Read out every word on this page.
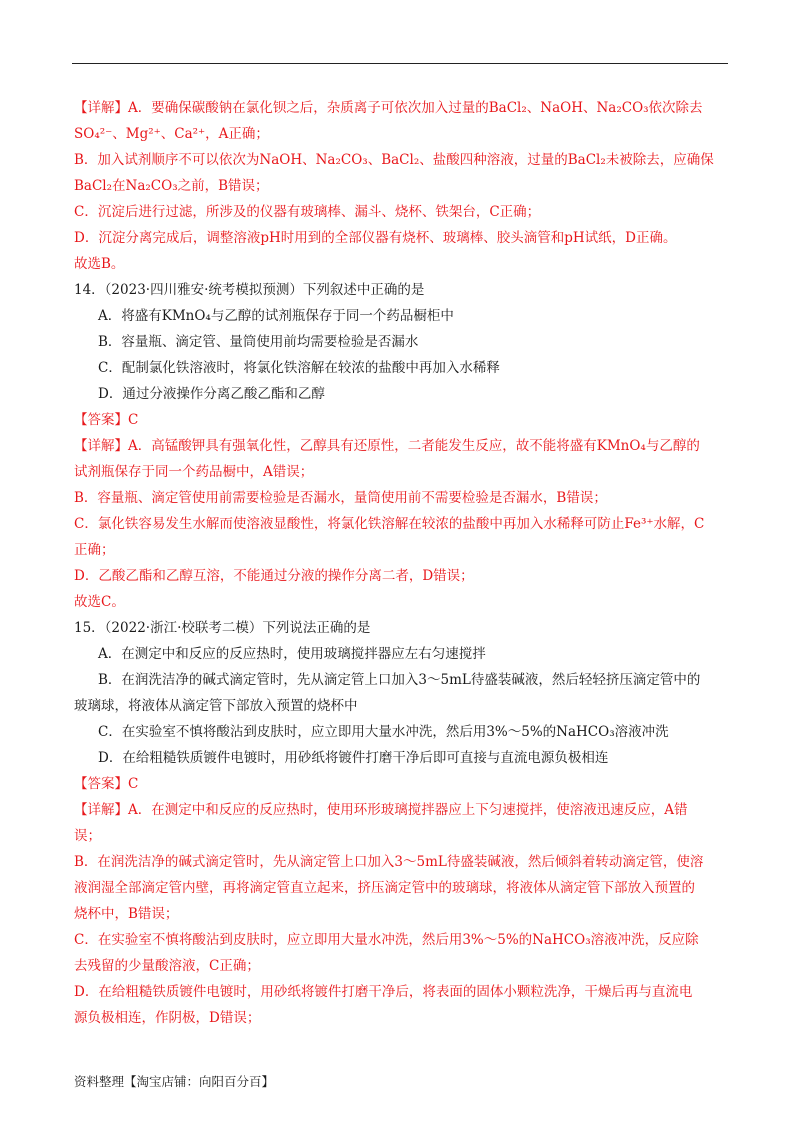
【详解】A．要确保碳酸钠在氯化钡之后，杂质离子可依次加入过量的BaCl₂、NaOH、Na₂CO₃依次除去
SO₄²⁻、Mg²⁺、Ca²⁺，A正确；
B．加入试剂顺序不可以依次为NaOH、Na₂CO₃、BaCl₂、盐酸四种溶液，过量的BaCl₂未被除去，应确保
BaCl₂在Na₂CO₃之前，B错误；
C．沉淀后进行过滤，所涉及的仪器有玻璃棒、漏斗、烧杯、铁架台，C正确；
D．沉淀分离完成后，调整溶液pH时用到的全部仪器有烧杯、玻璃棒、胶头滴管和pH试纸，D正确。
故选B。
14．（2023·四川雅安·统考模拟预测）下列叙述中正确的是
A．将盛有KMnO₄与乙醇的试剂瓶保存于同一个药品橱柜中
B．容量瓶、滴定管、量筒使用前均需要检验是否漏水
C．配制氯化铁溶液时，将氯化铁溶解在较浓的盐酸中再加入水稀释
D．通过分液操作分离乙酸乙酯和乙醇
【答案】C
【详解】A．高锰酸钾具有强氧化性，乙醇具有还原性，二者能发生反应，故不能将盛有KMnO₄与乙醇的
试剂瓶保存于同一个药品橱中，A错误；
B．容量瓶、滴定管使用前需要检验是否漏水，量筒使用前不需要检验是否漏水，B错误；
C．氯化铁容易发生水解而使溶液显酸性，将氯化铁溶解在较浓的盐酸中再加入水稀释可防止Fe³⁺水解，C
正确；
D．乙酸乙酯和乙醇互溶，不能通过分液的操作分离二者，D错误；
故选C。
15．（2022·浙江·校联考二模）下列说法正确的是
A．在测定中和反应的反应热时，使用玻璃搅拌器应左右匀速搅拌
B．在润洗洁净的碱式滴定管时，先从滴定管上口加入3～5mL待盛装碱液，然后轻轻挤压滴定管中的
玻璃球，将液体从滴定管下部放入预置的烧杯中
C．在实验室不慎将酸沾到皮肤时，应立即用大量水冲洗，然后用3%～5%的NaHCO₃溶液冲洗
D．在给粗糙铁质镀件电镀时，用砂纸将镀件打磨干净后即可直接与直流电源负极相连
【答案】C
【详解】A．在测定中和反应的反应热时，使用环形玻璃搅拌器应上下匀速搅拌，使溶液迅速反应，A错
误；
B．在润洗洁净的碱式滴定管时，先从滴定管上口加入3～5mL待盛装碱液，然后倾斜着转动滴定管，使溶
液润湿全部滴定管内壁，再将滴定管直立起来，挤压滴定管中的玻璃球，将液体从滴定管下部放入预置的
烧杯中，B错误；
C．在实验室不慎将酸沾到皮肤时，应立即用大量水冲洗，然后用3%～5%的NaHCO₃溶液冲洗，反应除
去残留的少量酸溶液，C正确；
D．在给粗糙铁质镀件电镀时，用砂纸将镀件打磨干净后，将表面的固体小颗粒洗净，干燥后再与直流电
源负极相连，作阴极，D错误；
资料整理【淘宝店铺：向阳百分百】
